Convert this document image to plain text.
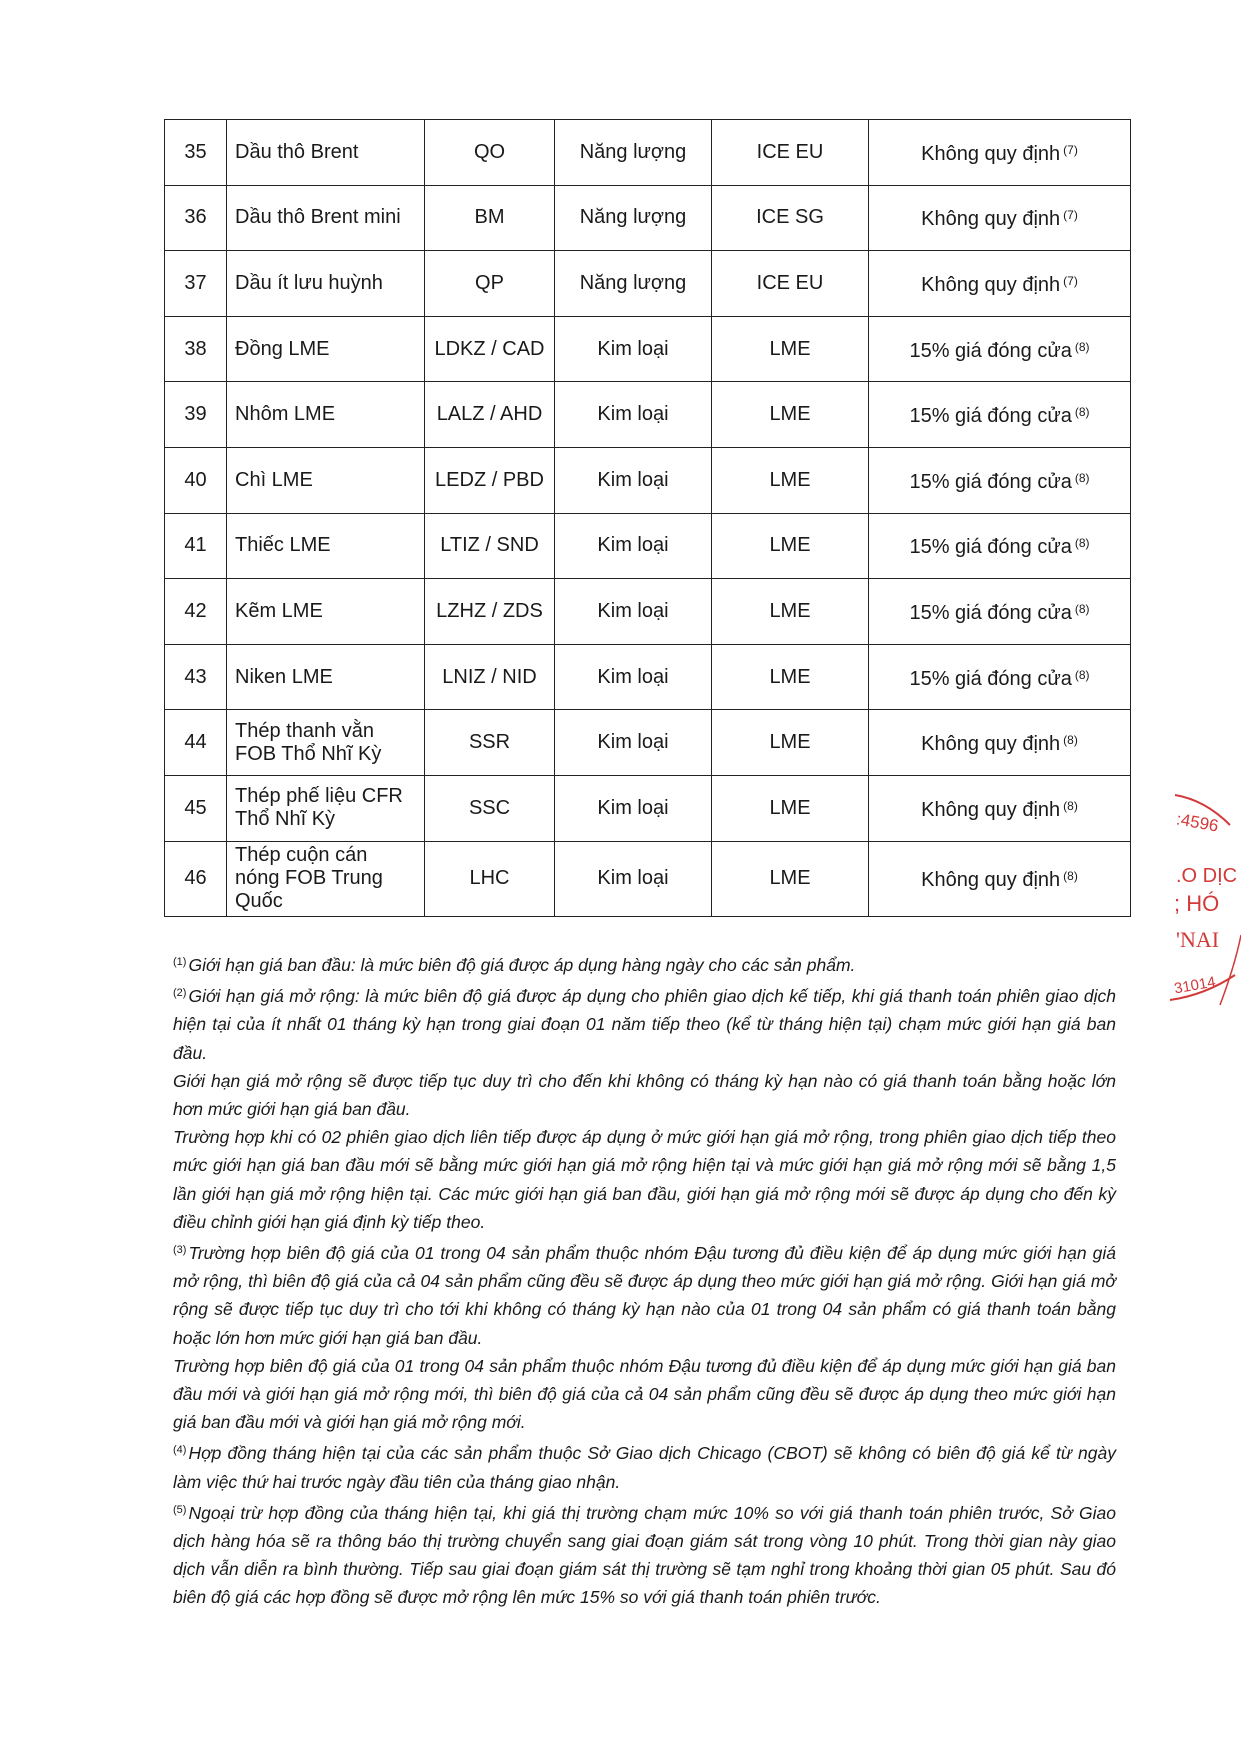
35	Dầu thô Brent	QO	Năng lượng	ICE EU	Không quy định $^{(7)}$
36	Dầu thô Brent mini	BM	Năng lượng	ICE SG	Không quy định $^{(7)}$
37	Dầu ít lưu huỳnh	QP	Năng lượng	ICE EU	Không quy định $^{(7)}$
38	Đồng LME	LDKZ / CAD	Kim loại	LME	15% giá đóng cửa $^{(8)}$
39	Nhôm LME	LALZ / AHD	Kim loại	LME	15% giá đóng cửa $^{(8)}$
40	Chì LME	LEDZ / PBD	Kim loại	LME	15% giá đóng cửa $^{(8)}$
41	Thiếc LME	LTIZ / SND	Kim loại	LME	15% giá đóng cửa $^{(8)}$
42	Kẽm LME	LZHZ / ZDS	Kim loại	LME	15% giá đóng cửa $^{(8)}$
43	Niken LME	LNIZ / NID	Kim loại	LME	15% giá đóng cửa $^{(8)}$
44	Thép thanh vằn FOB Thổ Nhĩ Kỳ	SSR	Kim loại	LME	Không quy định $^{(8)}$
45	Thép phế liệu CFR Thổ Nhĩ Kỳ	SSC	Kim loại	LME	Không quy định $^{(8)}$
46	Thép cuộn cán nóng FOB Trung Quốc	LHC	Kim loại	LME	Không quy định $^{(8)}$

$^{(1)}$ Giới hạn giá ban đầu: là mức biên độ giá được áp dụng hàng ngày cho các sản phẩm.

$^{(2)}$ Giới hạn giá mở rộng: là mức biên độ giá được áp dụng cho phiên giao dịch kế tiếp, khi giá thanh toán phiên giao dịch hiện tại của ít nhất 01 tháng kỳ hạn trong giai đoạn 01 năm tiếp theo (kể từ tháng hiện tại) chạm mức giới hạn giá ban đầu.

Giới hạn giá mở rộng sẽ được tiếp tục duy trì cho đến khi không có tháng kỳ hạn nào có giá thanh toán bằng hoặc lớn hơn mức giới hạn giá ban đầu.

Trường hợp khi có 02 phiên giao dịch liên tiếp được áp dụng ở mức giới hạn giá mở rộng, trong phiên giao dịch tiếp theo mức giới hạn giá ban đầu mới sẽ bằng mức giới hạn giá mở rộng hiện tại và mức giới hạn giá mở rộng mới sẽ bằng 1,5 lần giới hạn giá mở rộng hiện tại. Các mức giới hạn giá ban đầu, giới hạn giá mở rộng mới sẽ được áp dụng cho đến kỳ điều chỉnh giới hạn giá định kỳ tiếp theo.

$^{(3)}$ Trường hợp biên độ giá của 01 trong 04 sản phẩm thuộc nhóm Đậu tương đủ điều kiện để áp dụng mức giới hạn giá mở rộng, thì biên độ giá của cả 04 sản phẩm cũng đều sẽ được áp dụng theo mức giới hạn giá mở rộng. Giới hạn giá mở rộng sẽ được tiếp tục duy trì cho tới khi không có tháng kỳ hạn nào của 01 trong 04 sản phẩm có giá thanh toán bằng hoặc lớn hơn mức giới hạn giá ban đầu.

Trường hợp biên độ giá của 01 trong 04 sản phẩm thuộc nhóm Đậu tương đủ điều kiện để áp dụng mức giới hạn giá ban đầu mới và giới hạn giá mở rộng mới, thì biên độ giá của cả 04 sản phẩm cũng đều sẽ được áp dụng theo mức giới hạn giá ban đầu mới và giới hạn giá mở rộng mới.

$^{(4)}$ Hợp đồng tháng hiện tại của các sản phẩm thuộc Sở Giao dịch Chicago (CBOT) sẽ không có biên độ giá kể từ ngày làm việc thứ hai trước ngày đầu tiên của tháng giao nhận.

$^{(5)}$ Ngoại trừ hợp đồng của tháng hiện tại, khi giá thị trường chạm mức 10% so với giá thanh toán phiên trước, Sở Giao dịch hàng hóa sẽ ra thông báo thị trường chuyển sang giai đoạn giám sát trong vòng 10 phút. Trong thời gian này giao dịch vẫn diễn ra bình thường. Tiếp sau giai đoạn giám sát thị trường sẽ tạm nghỉ trong khoảng thời gian 05 phút. Sau đó biên độ giá các hợp đồng sẽ được mở rộng lên mức 15% so với giá thanh toán phiên trước.

:4596
.O DỊC
; HÓ
'NAI
31014
